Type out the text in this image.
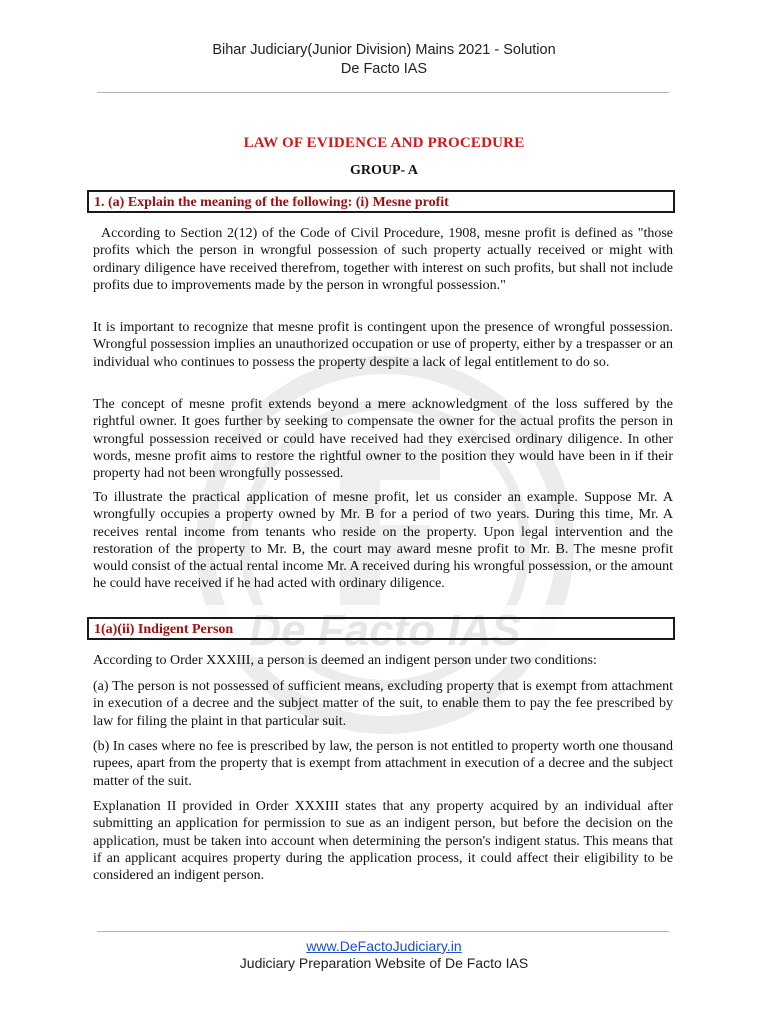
Bihar Judiciary(Junior Division) Mains 2021 - Solution
De Facto IAS
De Facto IAS
LAW OF EVIDENCE AND PROCEDURE
GROUP- A
1. (a) Explain the meaning of the following: (i) Mesne profit

According to Section 2(12) of the Code of Civil Procedure, 1908, mesne profit is defined as "those profits which the person in wrongful possession of such property actually received or might with ordinary diligence have received therefrom, together with interest on such profits, but shall not include profits due to improvements made by the person in wrongful possession."

It is important to recognize that mesne profit is contingent upon the presence of wrongful possession. Wrongful possession implies an unauthorized occupation or use of property, either by a trespasser or an individual who continues to possess the property despite a lack of legal entitlement to do so.

The concept of mesne profit extends beyond a mere acknowledgment of the loss suffered by the rightful owner. It goes further by seeking to compensate the owner for the actual profits the person in wrongful possession received or could have received had they exercised ordinary diligence. In other words, mesne profit aims to restore the rightful owner to the position they would have been in if their property had not been wrongfully possessed.

To illustrate the practical application of mesne profit, let us consider an example. Suppose Mr. A wrongfully occupies a property owned by Mr. B for a period of two years. During this time, Mr. A receives rental income from tenants who reside on the property. Upon legal intervention and the restoration of the property to Mr. B, the court may award mesne profit to Mr. B. The mesne profit would consist of the actual rental income Mr. A received during his wrongful possession, or the amount he could have received if he had acted with ordinary diligence.

1(a)(ii) Indigent Person

According to Order XXXIII, a person is deemed an indigent person under two conditions:

(a) The person is not possessed of sufficient means, excluding property that is exempt from attachment in execution of a decree and the subject matter of the suit, to enable them to pay the fee prescribed by law for filing the plaint in that particular suit.

(b) In cases where no fee is prescribed by law, the person is not entitled to property worth one thousand rupees, apart from the property that is exempt from attachment in execution of a decree and the subject matter of the suit.

Explanation II provided in Order XXXIII states that any property acquired by an individual after submitting an application for permission to sue as an indigent person, but before the decision on the application, must be taken into account when determining the person's indigent status. This means that if an applicant acquires property during the application process, it could affect their eligibility to be considered an indigent person.

www.DeFactoJudiciary.in
Judiciary Preparation Website of De Facto IAS
